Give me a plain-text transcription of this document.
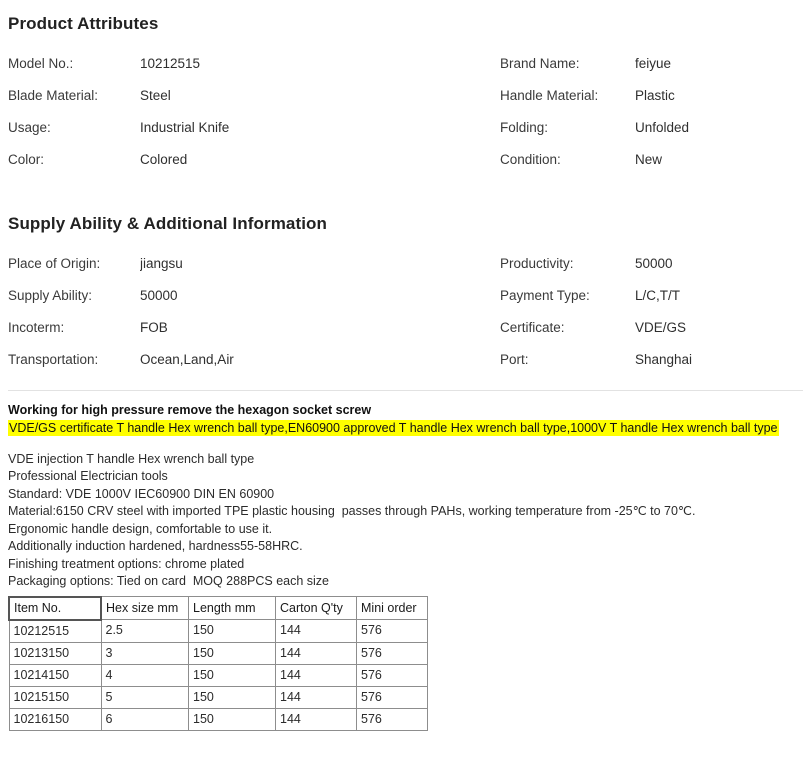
Product Attributes
Model No.:	10212515	Brand Name:	feiyue
Blade Material:	Steel	Handle Material:	Plastic
Usage:	Industrial Knife	Folding:	Unfolded
Color:	Colored	Condition:	New
Supply Ability & Additional Information
Place of Origin:	jiangsu	Productivity:	50000
Supply Ability:	50000	Payment Type:	L/C,T/T
Incoterm:	FOB	Certificate:	VDE/GS
Transportation:	Ocean,Land,Air	Port:	Shanghai
Working for high pressure remove the hexagon socket screw
VDE/GS certificate T handle Hex wrench ball type,EN60900 approved T handle Hex wrench ball type,1000V T handle Hex wrench ball type
VDE injection T handle Hex wrench ball type
Professional Electrician tools
Standard: VDE 1000V IEC60900 DIN EN 60900
Material:6150 CRV steel with imported TPE plastic housing  passes through PAHs, working temperature from -25℃ to 70℃.
Ergonomic handle design, comfortable to use it.
Additionally induction hardened, hardness55-58HRC.
Finishing treatment options: chrome plated
Packaging options: Tied on card  MOQ 288PCS each size
Item No.	Hex size mm	Length mm	Carton Q'ty	Mini order
10212515	2.5	150	144	576
10213150	3	150	144	576
10214150	4	150	144	576
10215150	5	150	144	576
10216150	6	150	144	576
